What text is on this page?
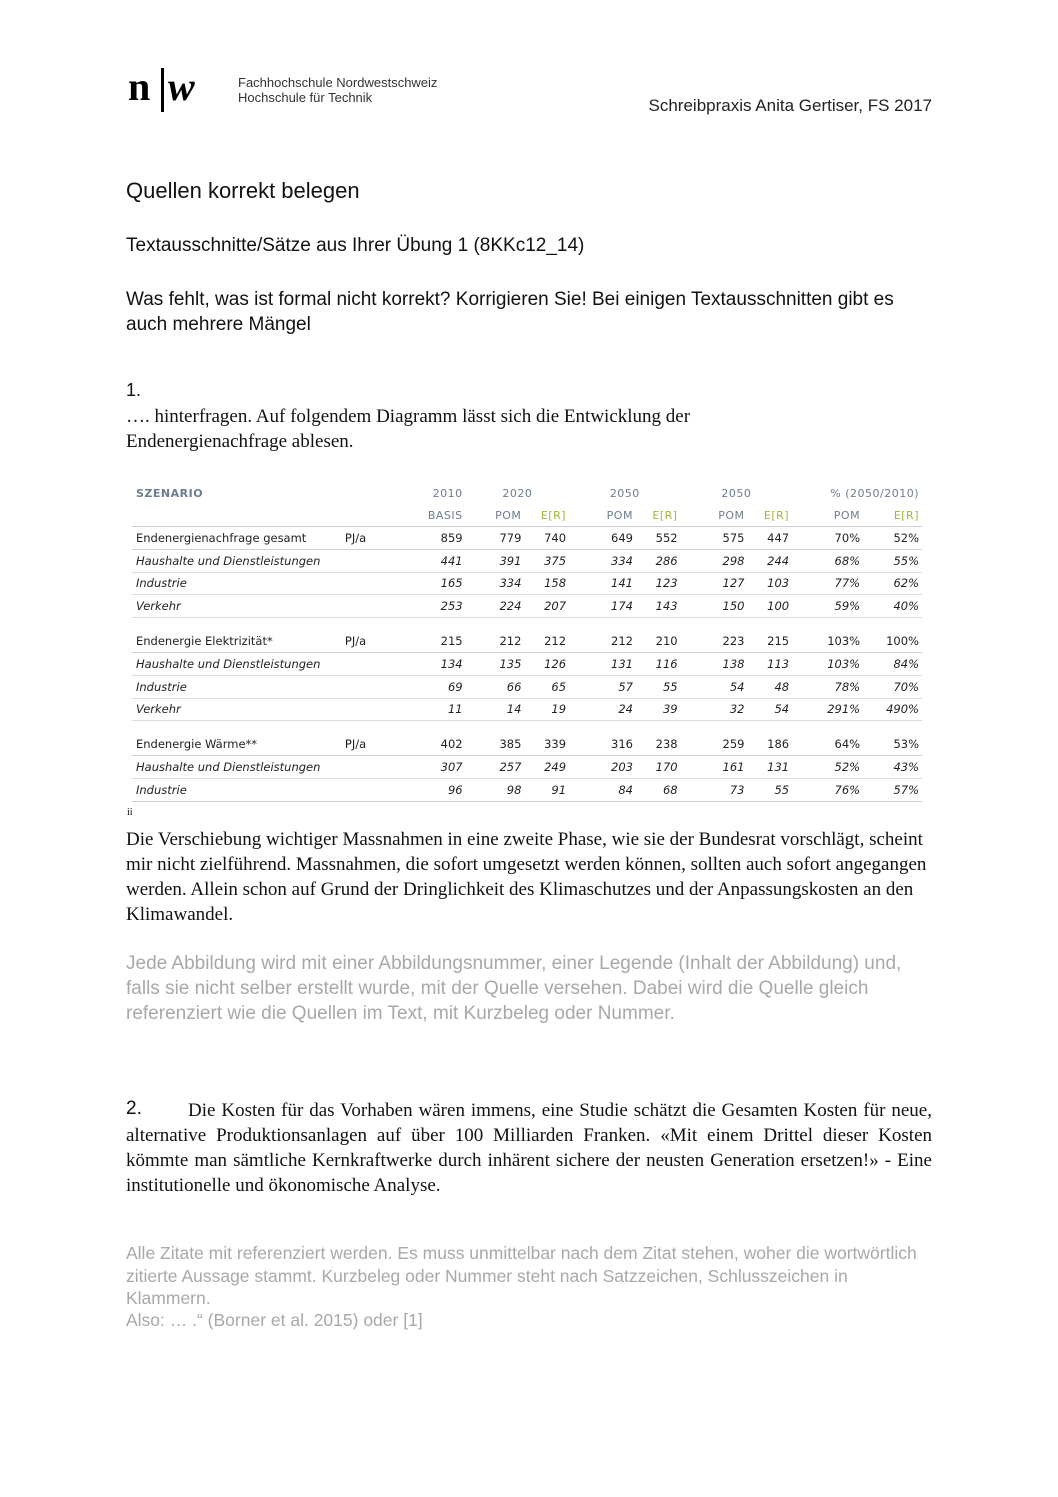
n w	Fachhochschule Nordwestschweiz
Hochschule für Technik	Schreibpraxis Anita Gertiser, FS 2017
Quellen korrekt belegen
Textausschnitte/Sätze aus Ihrer Übung 1 (8KKc12_14)
Was fehlt, was ist formal nicht korrekt? Korrigieren Sie! Bei einigen Textausschnitten gibt es auch mehrere Mängel
1.
…. hinterfragen. Auf folgendem Diagramm lässt sich die Entwicklung der Endenergienachfrage ablesen.
SZENARIO		2010	2020		2050		2050		% (2050/2010)	
		BASIS	POM	E[R]	POM	E[R]	POM	E[R]	POM	E[R]
Endenergienachfrage gesamt	PJ/a	859	779	740	649	552	575	447	70%	52%
Haushalte und Dienstleistungen		441	391	375	334	286	298	244	68%	55%
Industrie		165	334	158	141	123	127	103	77%	62%
Verkehr		253	224	207	174	143	150	100	59%	40%

Endenergie Elektrizität*	PJ/a	215	212	212	212	210	223	215	103%	100%
Haushalte und Dienstleistungen		134	135	126	131	116	138	113	103%	84%
Industrie		69	66	65	57	55	54	48	78%	70%
Verkehr		11	14	19	24	39	32	54	291%	490%

Endenergie Wärme**	PJ/a	402	385	339	316	238	259	186	64%	53%
Haushalte und Dienstleistungen		307	257	249	203	170	161	131	52%	43%
Industrie		96	98	91	84	68	73	55	76%	57%
ii
Die Verschiebung wichtiger Massnahmen in eine zweite Phase, wie sie der Bundesrat vorschlägt, scheint mir nicht zielführend. Massnahmen, die sofort umgesetzt werden können, sollten auch sofort angegangen werden. Allein schon auf Grund der Dringlichkeit des Klimaschutzes und der Anpassungskosten an den Klimawandel.
Jede Abbildung wird mit einer Abbildungsnummer, einer Legende (Inhalt der Abbildung) und, falls sie nicht selber erstellt wurde, mit der Quelle versehen. Dabei wird die Quelle gleich referenziert wie die Quellen im Text, mit Kurzbeleg oder Nummer.
2.	Die Kosten für das Vorhaben wären immens, eine Studie schätzt die Gesamten Kosten für neue, alternative Produktionsanlagen auf über 100 Milliarden Franken. «Mit einem Drittel dieser Kosten kömmte man sämtliche Kernkraftwerke durch inhärent sichere der neusten Generation ersetzen!» - Eine institutionelle und ökonomische Analyse.
Alle Zitate mit referenziert werden. Es muss unmittelbar nach dem Zitat stehen, woher die wortwörtlich zitierte Aussage stammt. Kurzbeleg oder Nummer steht nach Satzzeichen, Schlusszeichen in Klammern.
Also: … .“ (Borner et al. 2015) oder [1]
